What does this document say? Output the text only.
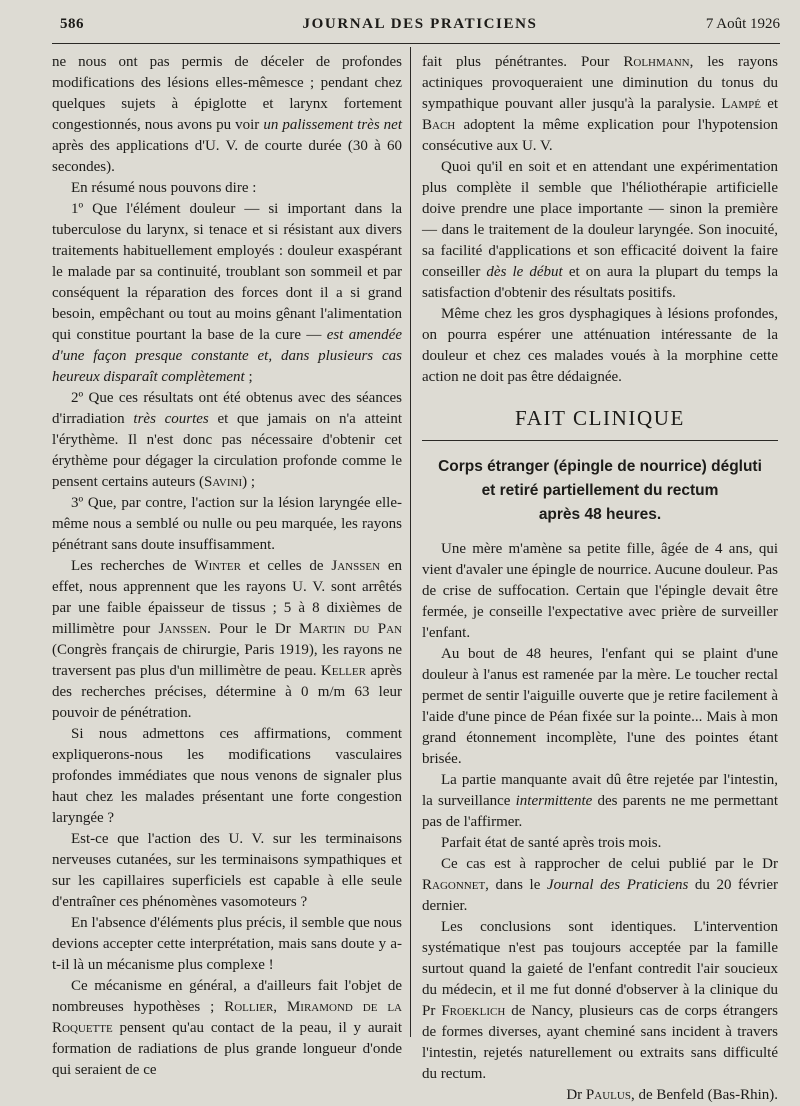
586	JOURNAL DES PRATICIENS	7 Août 1926

ne nous ont pas permis de déceler de profondes modifications des lésions elles-mêmesce ; pendant chez quelques sujets à épiglotte et larynx fortement congestionnés, nous avons pu voir un palissement très net après des applications d'U. V. de courte durée (30 à 60 secondes).

En résumé nous pouvons dire :

1º Que l'élément douleur — si important dans la tuberculose du larynx, si tenace et si résistant aux divers traitements habituellement employés : douleur exaspérant le malade par sa continuité, troublant son sommeil et par conséquent la réparation des forces dont il a si grand besoin, empêchant ou tout au moins gênant l'alimentation qui constitue pourtant la base de la cure — est amendée d'une façon presque constante et, dans plusieurs cas heureux disparaît complètement ;

2º Que ces résultats ont été obtenus avec des séances d'irradiation très courtes et que jamais on n'a atteint l'érythème. Il n'est donc pas nécessaire d'obtenir cet érythème pour dégager la circulation profonde comme le pensent certains auteurs (Savini) ;

3º Que, par contre, l'action sur la lésion laryngée elle-même nous a semblé ou nulle ou peu marquée, les rayons pénétrant sans doute insuffisamment.

Les recherches de Winter et celles de Janssen en effet, nous apprennent que les rayons U. V. sont arrêtés par une faible épaisseur de tissus ; 5 à 8 dixièmes de millimètre pour Janssen. Pour le Dr Martin du Pan (Congrès français de chirurgie, Paris 1919), les rayons ne traversent pas plus d'un millimètre de peau. Keller après des recherches précises, détermine à 0 m/m 63 leur pouvoir de pénétration.

Si nous admettons ces affirmations, comment expliquerons-nous les modifications vasculaires profondes immédiates que nous venons de signaler plus haut chez les malades présentant une forte congestion laryngée ?

Est-ce que l'action des U. V. sur les terminaisons nerveuses cutanées, sur les terminaisons sympathiques et sur les capillaires superficiels est capable à elle seule d'entraîner ces phénomènes vasomoteurs ?

En l'absence d'éléments plus précis, il semble que nous devions accepter cette interprétation, mais sans doute y a-t-il là un mécanisme plus complexe !

Ce mécanisme en général, a d'ailleurs fait l'objet de nombreuses hypothèses ; Rollier, Miramond de la Roquette pensent qu'au contact de la peau, il y aurait formation de radiations de plus grande longueur d'onde qui seraient de ce

fait plus pénétrantes. Pour Rolhmann, les rayons actiniques provoqueraient une diminution du tonus du sympathique pouvant aller jusqu'à la paralysie. Lampé et Bach adoptent la même explication pour l'hypotension consécutive aux U. V.

Quoi qu'il en soit et en attendant une expérimentation plus complète il semble que l'héliothérapie artificielle doive prendre une place importante — sinon la première — dans le traitement de la douleur laryngée. Son inocuité, sa facilité d'applications et son efficacité doivent la faire conseiller dès le début et on aura la plupart du temps la satisfaction d'obtenir des résultats positifs.

Même chez les gros dysphagiques à lésions profondes, on pourra espérer une atténuation intéressante de la douleur et chez ces malades voués à la morphine cette action ne doit pas être dédaignée.

FAIT CLINIQUE
Corps étranger (épingle de nourrice) dégluti
et retiré partiellement du rectum
après 48 heures.

Une mère m'amène sa petite fille, âgée de 4 ans, qui vient d'avaler une épingle de nourrice. Aucune douleur. Pas de crise de suffocation. Certain que l'épingle devait être fermée, je conseille l'expectative avec prière de surveiller l'enfant.

Au bout de 48 heures, l'enfant qui se plaint d'une douleur à l'anus est ramenée par la mère. Le toucher rectal permet de sentir l'aiguille ouverte que je retire facilement à l'aide d'une pince de Péan fixée sur la pointe... Mais à mon grand étonnement incomplète, l'une des pointes étant brisée.

La partie manquante avait dû être rejetée par l'intestin, la surveillance intermittente des parents ne me permettant pas de l'affirmer.

Parfait état de santé après trois mois.

Ce cas est à rapprocher de celui publié par le Dr Ragonnet, dans le Journal des Praticiens du 20 février dernier.

Les conclusions sont identiques. L'intervention systématique n'est pas toujours acceptée par la famille surtout quand la gaieté de l'enfant contredit l'air soucieux du médecin, et il me fut donné d'observer à la clinique du Pr Froeklich de Nancy, plusieurs cas de corps étrangers de formes diverses, ayant cheminé sans incident à travers l'intestin, rejetés naturellement ou extraits sans difficulté du rectum.

Dr Paulus, de Benfeld (Bas-Rhin).
